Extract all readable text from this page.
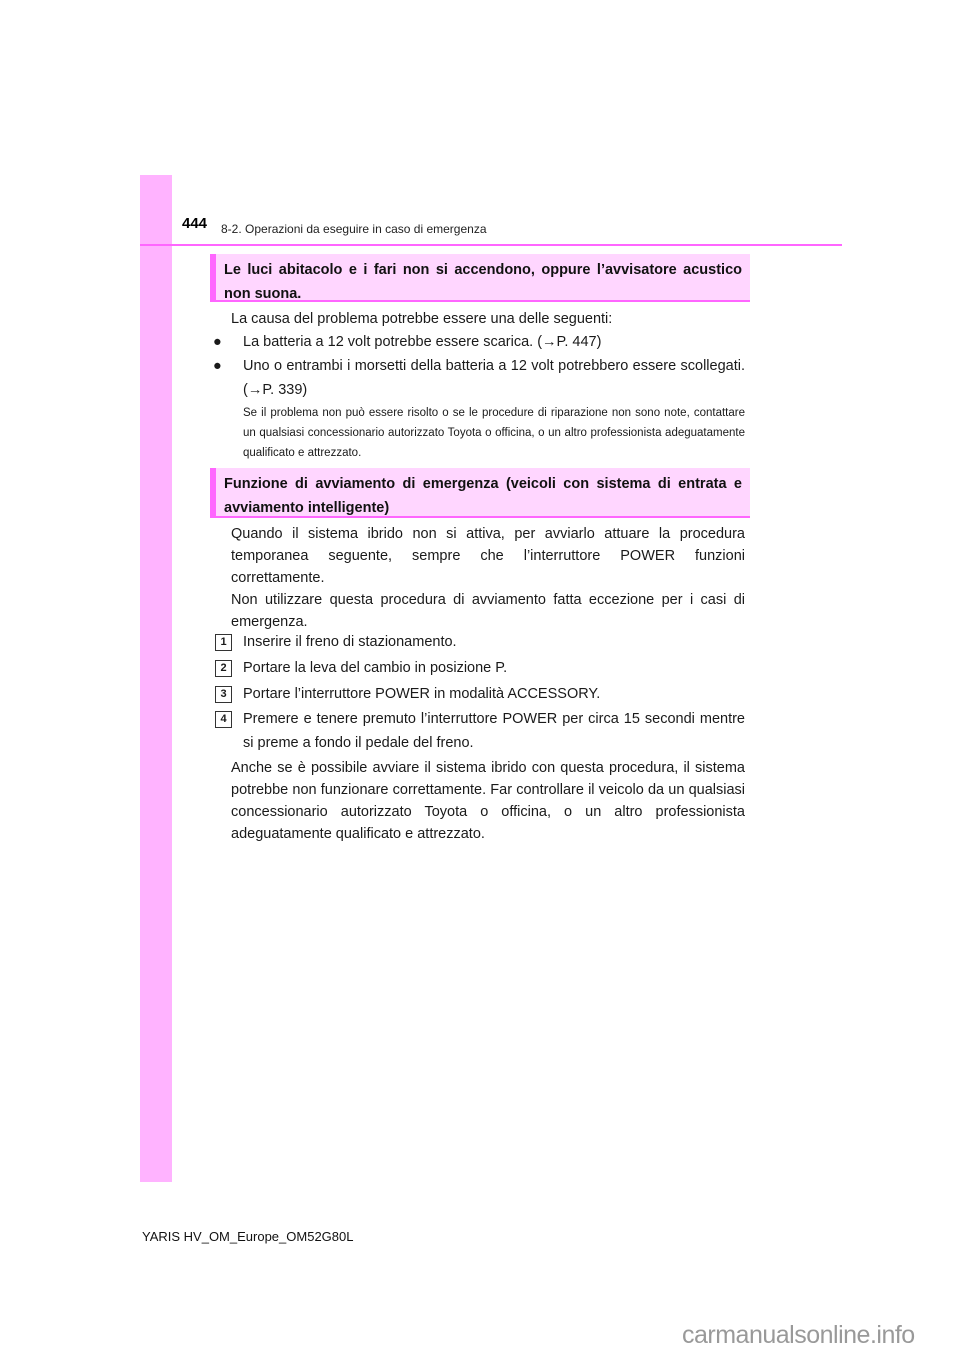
444 8-2. Operazioni da eseguire in caso di emergenza
Le luci abitacolo e i fari non si accendono, oppure l’avvisatore acustico non suona.
La causa del problema potrebbe essere una delle seguenti:
● La batteria a 12 volt potrebbe essere scarica. (→P. 447)
● Uno o entrambi i morsetti della batteria a 12 volt potrebbero essere scollegati. (→P. 339)
Se il problema non può essere risolto o se le procedure di riparazione non sono note, contattare un qualsiasi concessionario autorizzato Toyota o officina, o un altro professionista adeguatamente qualificato e attrezzato.
Funzione di avviamento di emergenza (veicoli con sistema di entrata e avviamento intelligente)
Quando il sistema ibrido non si attiva, per avviarlo attuare la procedura temporanea seguente, sempre che l’interruttore POWER funzioni correttamente.
Non utilizzare questa procedura di avviamento fatta eccezione per i casi di emergenza.
1	Inserire il freno di stazionamento.
2	Portare la leva del cambio in posizione P.
3	Portare l’interruttore POWER in modalità ACCESSORY.
4	Premere e tenere premuto l’interruttore POWER per circa 15 secondi mentre si preme a fondo il pedale del freno.
Anche se è possibile avviare il sistema ibrido con questa procedura, il sistema potrebbe non funzionare correttamente. Far controllare il veicolo da un qualsiasi concessionario autorizzato Toyota o officina, o un altro professionista adeguatamente qualificato e attrezzato.
YARIS HV_OM_Europe_OM52G80L
carmanualsonline.info
